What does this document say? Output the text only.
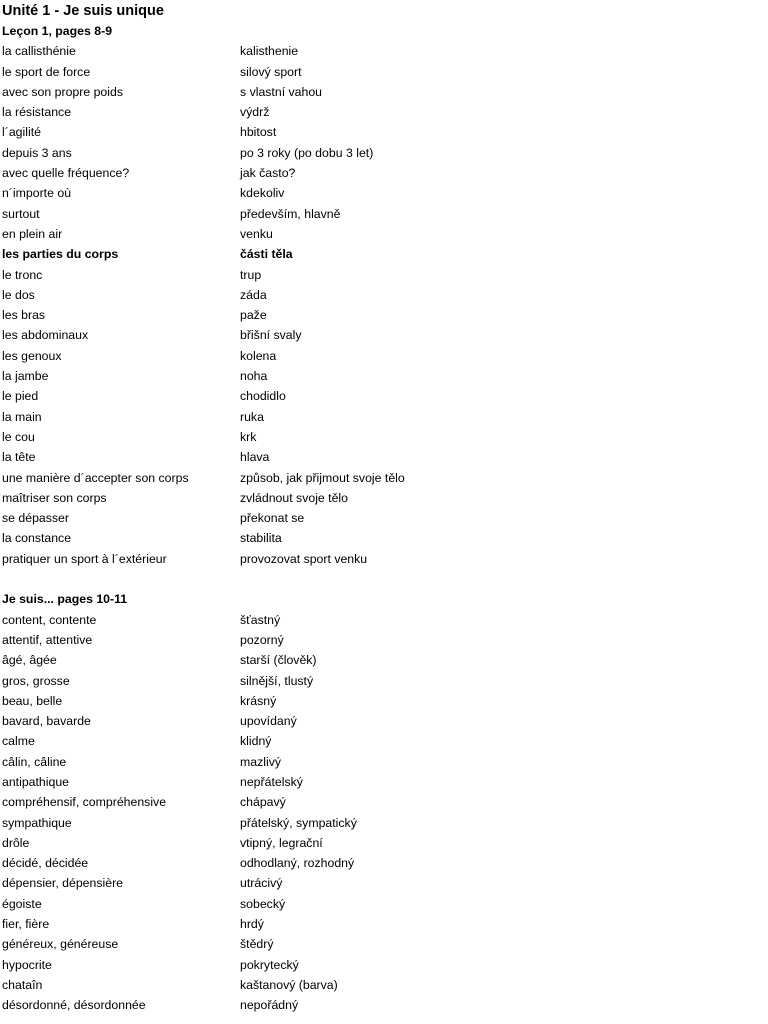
Unité 1 - Je suis unique
Leçon 1, pages 8-9
la callisthénie	kalisthenie
le sport de force	silový sport
avec son propre poids	s vlastní vahou
la résistance	výdrž
l´agilité	hbitost
depuis 3 ans	po 3 roky (po dobu 3 let)
avec quelle fréquence?	jak často?
n´importe où	kdekoliv
surtout	především, hlavně
en plein air	venku
les parties du corps	části těla
le tronc	trup
le dos	záda
les bras	paže
les abdominaux	břišní svaly
les genoux	kolena
la jambe	noha
le pied	chodidlo
la main	ruka
le cou	krk
la tête	hlava
une manière d´accepter son corps	způsob, jak přijmout svoje tělo
maîtriser son corps	zvládnout svoje tělo
se dépasser	překonat se
la constance	stabilita
pratiquer un sport à l´extérieur	provozovat sport venku
Je suis... pages 10-11
content, contente	šťastný
attentif, attentive	pozorný
âgé, âgée	starší (člověk)
gros, grosse	silnější, tlustý
beau, belle	krásný
bavard, bavarde	upovídaný
calme	klidný
câlin, câline	mazlivý
antipathique	nepřátelský
compréhensif, compréhensive	chápavý
sympathique	přátelský, sympatický
drôle	vtipný, legrační
décidé, décidée	odhodlaný, rozhodný
dépensier, dépensière	utrácivý
égoiste	sobecký
fier, fière	hrdý
généreux, généreuse	štědrý
hypocrite	pokrytecký
chataîn	kaštanový (barva)
désordonné, désordonnée	nepořádný
